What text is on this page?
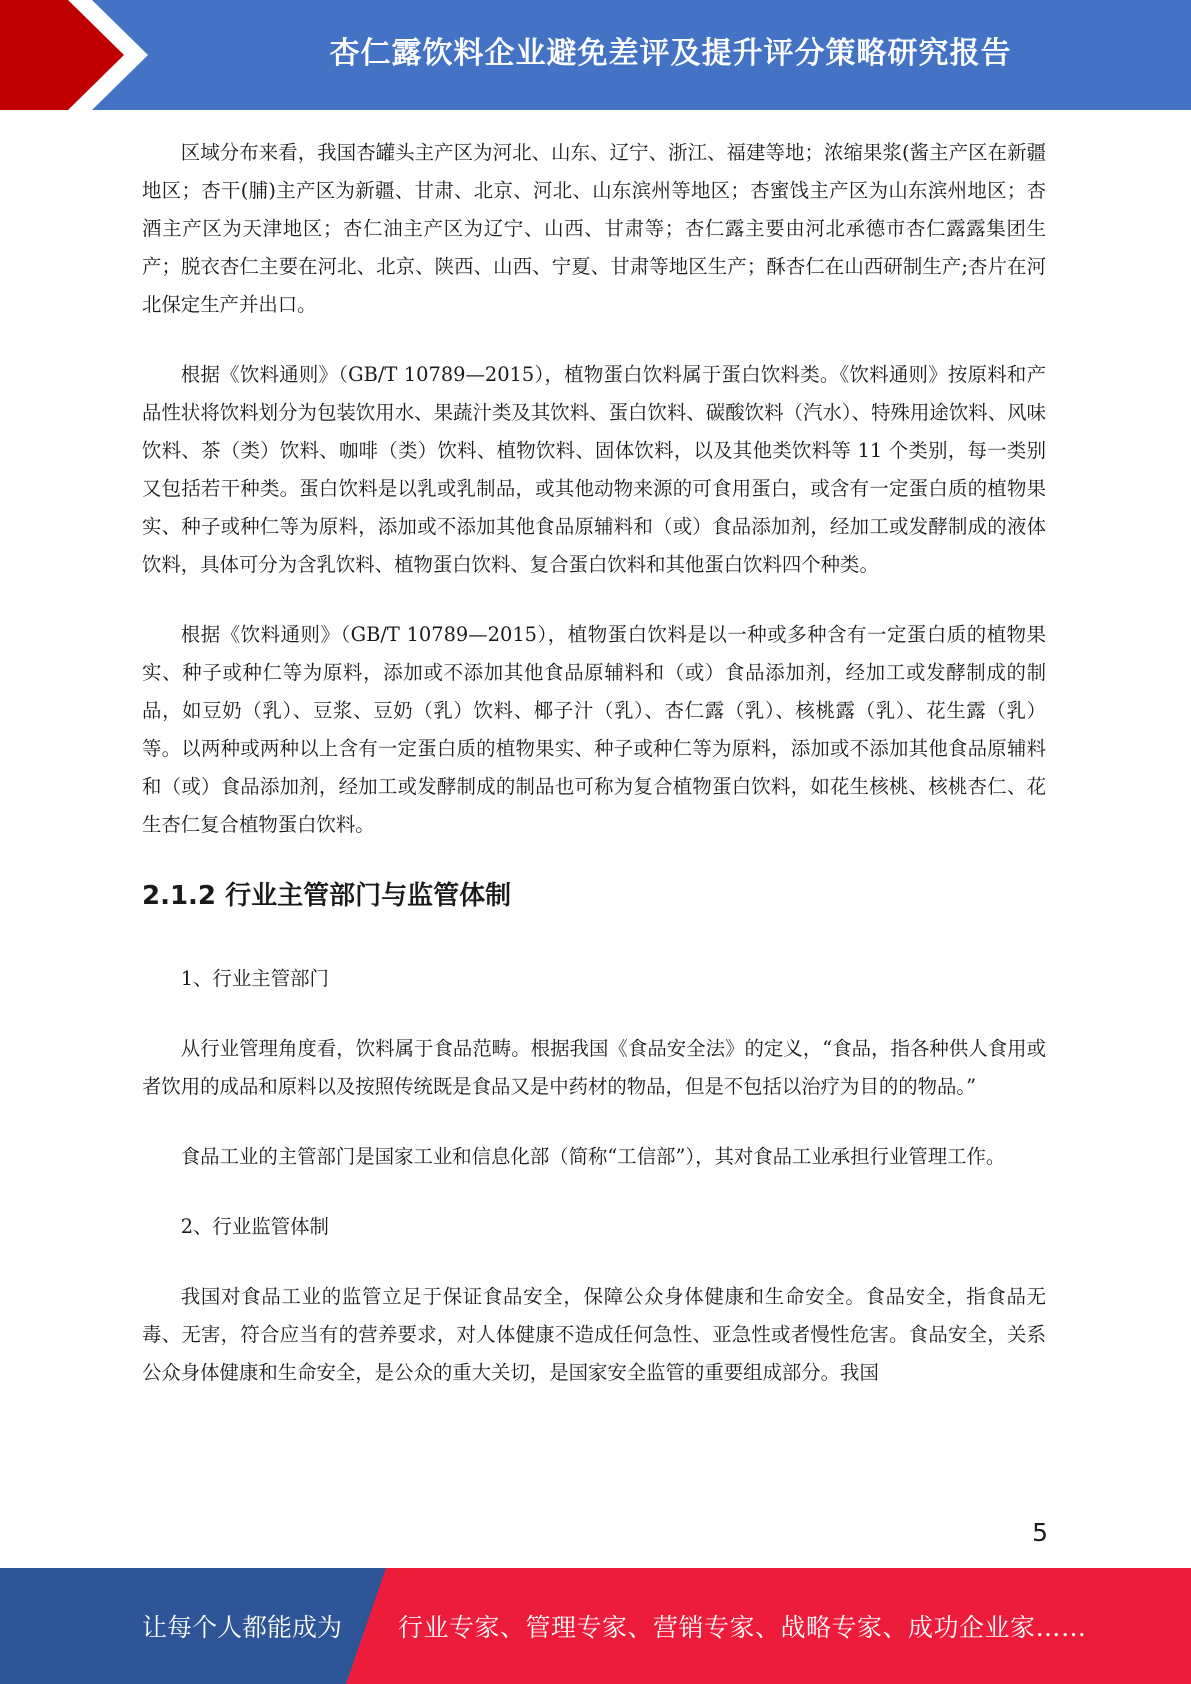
杏仁露饮料企业避免差评及提升评分策略研究报告

区域分布来看，我国杏罐头主产区为河北、山东、辽宁、浙江、福建等地；浓缩果浆(酱主产区在新疆地区；杏干(脯)主产区为新疆、甘肃、北京、河北、山东滨州等地区；杏蜜饯主产区为山东滨州地区；杏酒主产区为天津地区；杏仁油主产区为辽宁、山西、甘肃等；杏仁露主要由河北承德市杏仁露露集团生产；脱衣杏仁主要在河北、北京、陕西、山西、宁夏、甘肃等地区生产；酥杏仁在山西研制生产;杏片在河北保定生产并出口。

根据《饮料通则》（GB/T 10789—2015），植物蛋白饮料属于蛋白饮料类。《饮料通则》按原料和产品性状将饮料划分为包装饮用水、果蔬汁类及其饮料、蛋白饮料、碳酸饮料（汽水）、特殊用途饮料、风味饮料、茶（类）饮料、咖啡（类）饮料、植物饮料、固体饮料，以及其他类饮料等 11 个类别，每一类别又包括若干种类。蛋白饮料是以乳或乳制品，或其他动物来源的可食用蛋白，或含有一定蛋白质的植物果实、种子或种仁等为原料，添加或不添加其他食品原辅料和（或）食品添加剂，经加工或发酵制成的液体饮料，具体可分为含乳饮料、植物蛋白饮料、复合蛋白饮料和其他蛋白饮料四个种类。

根据《饮料通则》（GB/T 10789—2015），植物蛋白饮料是以一种或多种含有一定蛋白质的植物果实、种子或种仁等为原料，添加或不添加其他食品原辅料和（或）食品添加剂，经加工或发酵制成的制品，如豆奶（乳）、豆浆、豆奶（乳）饮料、椰子汁（乳）、杏仁露（乳）、核桃露（乳）、花生露（乳）等。以两种或两种以上含有一定蛋白质的植物果实、种子或种仁等为原料，添加或不添加其他食品原辅料和（或）食品添加剂，经加工或发酵制成的制品也可称为复合植物蛋白饮料，如花生核桃、核桃杏仁、花生杏仁复合植物蛋白饮料。

2.1.2 行业主管部门与监管体制

1、行业主管部门

从行业管理角度看，饮料属于食品范畴。根据我国《食品安全法》的定义，“食品，指各种供人食用或者饮用的成品和原料以及按照传统既是食品又是中药材的物品，但是不包括以治疗为目的的物品。”

食品工业的主管部门是国家工业和信息化部（简称“工信部”），其对食品工业承担行业管理工作。

2、行业监管体制

我国对食品工业的监管立足于保证食品安全，保障公众身体健康和生命安全。食品安全，指食品无毒、无害，符合应当有的营养要求，对人体健康不造成任何急性、亚急性或者慢性危害。食品安全，关系公众身体健康和生命安全，是公众的重大关切，是国家安全监管的重要组成部分。我国

5
让每个人都能成为 行业专家、管理专家、营销专家、战略专家、成功企业家……
